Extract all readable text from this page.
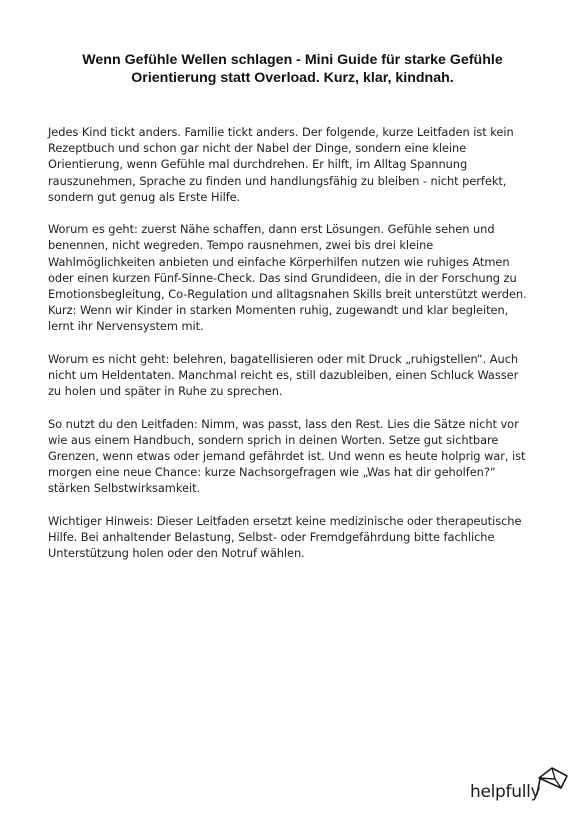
Wenn Gefühle Wellen schlagen - Mini Guide für starke Gefühle

Orientierung statt Overload. Kurz, klar, kindnah.

Jedes Kind tickt anders. Familie tickt anders. Der folgende, kurze Leitfaden ist kein
Rezeptbuch und schon gar nicht der Nabel der Dinge, sondern eine kleine
Orientierung, wenn Gefühle mal durchdrehen. Er hilft, im Alltag Spannung
rauszunehmen, Sprache zu finden und handlungsfähig zu bleiben - nicht perfekt,
sondern gut genug als Erste Hilfe.

Worum es geht: zuerst Nähe schaffen, dann erst Lösungen. Gefühle sehen und
benennen, nicht wegreden. Tempo rausnehmen, zwei bis drei kleine
Wahlmöglichkeiten anbieten und einfache Körperhilfen nutzen wie ruhiges Atmen
oder einen kurzen Fünf-Sinne-Check. Das sind Grundideen, die in der Forschung zu
Emotionsbegleitung, Co-Regulation und alltagsnahen Skills breit unterstützt werden.
Kurz: Wenn wir Kinder in starken Momenten ruhig, zugewandt und klar begleiten,
lernt ihr Nervensystem mit.

Worum es nicht geht: belehren, bagatellisieren oder mit Druck „ruhigstellen“. Auch
nicht um Heldentaten. Manchmal reicht es, still dazubleiben, einen Schluck Wasser
zu holen und später in Ruhe zu sprechen.

So nutzt du den Leitfaden: Nimm, was passt, lass den Rest. Lies die Sätze nicht vor
wie aus einem Handbuch, sondern sprich in deinen Worten. Setze gut sichtbare
Grenzen, wenn etwas oder jemand gefährdet ist. Und wenn es heute holprig war, ist
morgen eine neue Chance: kurze Nachsorgefragen wie „Was hat dir geholfen?“
stärken Selbstwirksamkeit.

Wichtiger Hinweis: Dieser Leitfaden ersetzt keine medizinische oder therapeutische
Hilfe. Bei anhaltender Belastung, Selbst- oder Fremdgefährdung bitte fachliche
Unterstützung holen oder den Notruf wählen.

helpfully
